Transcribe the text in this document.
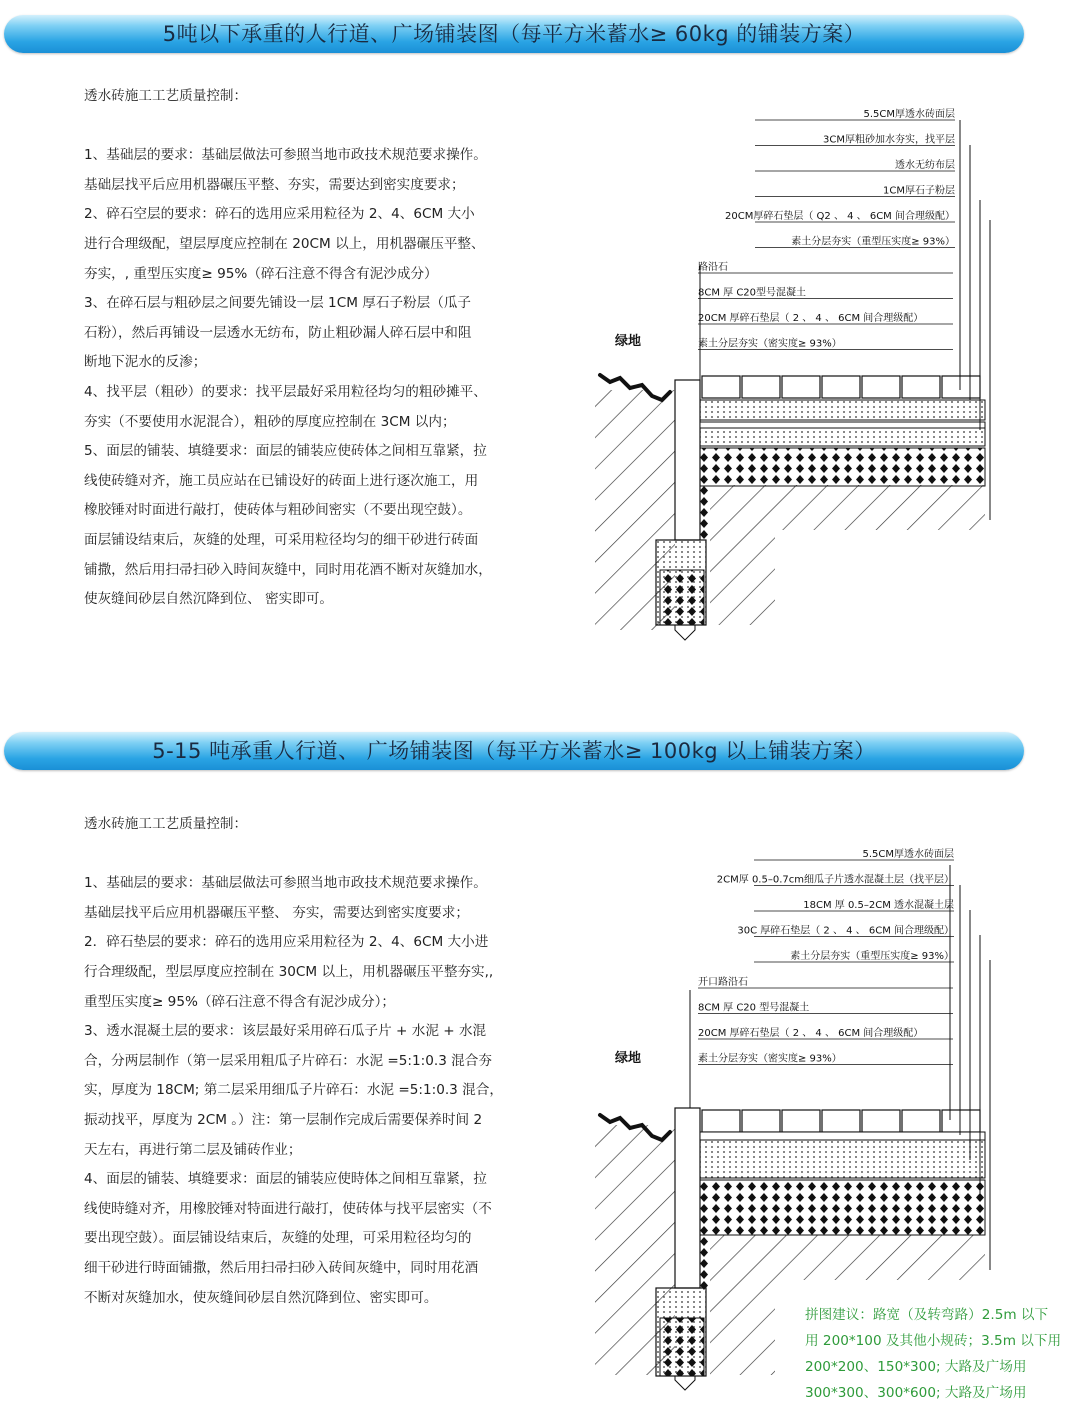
5吨以下承重的人行道、广场铺装图（每平方米蓄水≥ 60kg 的铺装方案）
透水砖施工工艺质量控制：
1、基础层的要求：基础层做法可参照当地市政技术规范要求操作。
基础层找平后应用机器碾压平整、夯实，需要达到密实度要求；
2、碎石空层的要求：碎石的选用应采用粒径为 2、4、6CM 大小
进行合理级配，望层厚度应控制在 20CM 以上，用机器碾压平整、
夯实，, 重型压实度≥ 95%（碎石注意不得含有泥沙成分）
3、在碎石层与粗砂层之间要先铺设一层 1CM 厚石子粉层（瓜子
石粉），然后再铺设一层透水无纺布，防止粗砂漏人碎石层中和阻
断地下泥水的反渗；
4、找平层（粗砂）的要求：找平层最好采用粒径均匀的粗砂摊平、
夯实（不要使用水泥混合），粗砂的厚度应控制在 3CM 以内；
5、面层的铺装、填缝要求：面层的铺装应使砖体之间相互靠紧，拉
线使砖缝对齐，施工员应站在已铺设好的砖面上进行逐次施工，用
橡胶锤对时面进行敲打，使砖体与粗砂间密实（不要出现空鼓）。
面层铺设结束后，灰缝的处理，可采用粒径均匀的细干砂进行砖面
铺撒，然后用扫帚扫砂入時间灰缝中，同时用花酒不断对灰缝加水，
使灰缝间砂层自然沉降到位、 密实即可。
5.5CM厚透水砖面层
3CM厚粗砂加水夯实，找平层
透水无纺布层
1CM厚石子粉层
20CM厚碎石垫层（ Q2 、 4 、 6CM 间合理级配）
素土分层夯实（重型压实度≥ 93%）
路沿石
8CM 厚 C20型号混凝土
20CM 厚碎石垫层（ 2 、 4 、 6CM 间合理级配）
素土分层夯实（密实度≥ 93%）
绿地
5-15 吨承重人行道、 广场铺装图（每平方米蓄水≥ 100kg 以上铺装方案）
透水砖施工工艺质量控制：
1、基础层的要求：基础层做法可参照当地市政技术规范要求操作。
基础层找平后应用机器碾压平整、 夯实，需要达到密实度要求；
2．碎石垫层的要求：碎石的选用应采用粒径为 2、4、6CM 大小进
行合理级配，型层厚度应控制在 30CM 以上，用机器碾压平整夯实,,
重型压实度≥ 95%（碎石注意不得含有泥沙成分）；
3、透水混凝土层的要求：该层最好采用碎石瓜子片 + 水泥 + 水混
合，分两层制作（第一层采用粗瓜子片碎石：水泥 =5:1:0.3 混合夯
实，厚度为 18CM; 第二层采用细瓜子片碎石：水泥 =5:1:0.3 混合，
振动找平，厚度为 2CM 。）注：第一层制作完成后需要保养时间 2
天左右，再进行第二层及铺砖作业；
4、面层的铺装、填缝要求：面层的铺装应使時体之间相互靠紧，拉
线使時缝对齐，用橡胶锤对特面进行敲打，使砖体与找平层密实（不
要出现空鼓）。面层铺设结束后，灰缝的处理，可采用粒径均匀的
细干砂进行時面铺撒，然后用扫帚扫砂入砖间灰缝中，同时用花酒
不断对灰缝加水，使灰缝间砂层自然沉降到位、密实即可。
5.5CM厚透水砖面层
2CM厚 0.5–0.7cm细瓜子片透水混凝土层（找平层）
18CM 厚 0.5–2CM 透水混凝土层
30C 厚碎石垫层（ 2 、 4 、 6CM 间合理级配）
素土分层夯实（重型压实度≥ 93%）
开口路沿石
8CM 厚 C20 型号混凝土
20CM 厚碎石垫层（ 2 、 4 、 6CM 间合理级配）
素土分层夯实（密实度≥ 93%）
绿地
拼图建议：路宽（及转弯路）2.5m 以下
用 200*100 及其他小规砖；3.5m 以下用
200*200、150*300; 大路及广场用
300*300、300*600; 大路及广场用
